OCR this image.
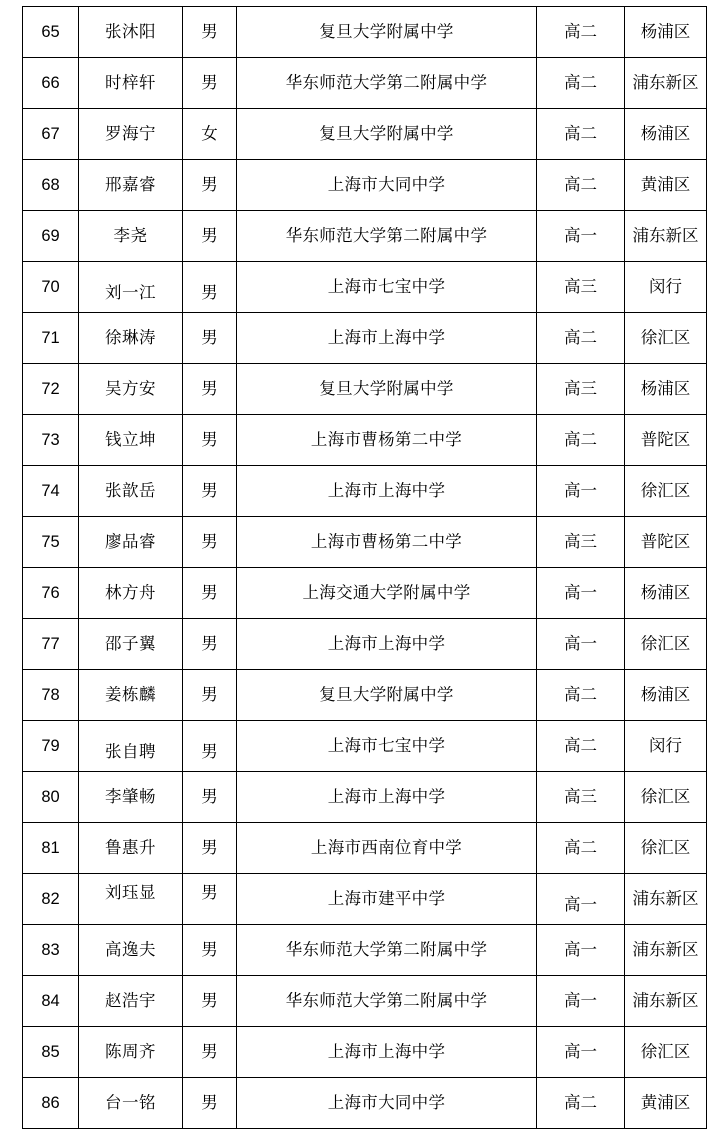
65	张沐阳	男	复旦大学附属中学	高二	杨浦区
66	时梓轩	男	华东师范大学第二附属中学	高二	浦东新区
67	罗海宁	女	复旦大学附属中学	高二	杨浦区
68	邢嘉睿	男	上海市大同中学	高二	黄浦区
69	李尧	男	华东师范大学第二附属中学	高一	浦东新区
70	刘一江	男	上海市七宝中学	高三	闵行
71	徐琳涛	男	上海市上海中学	高二	徐汇区
72	吴方安	男	复旦大学附属中学	高三	杨浦区
73	钱立坤	男	上海市曹杨第二中学	高二	普陀区
74	张歆岳	男	上海市上海中学	高一	徐汇区
75	廖品睿	男	上海市曹杨第二中学	高三	普陀区
76	林方舟	男	上海交通大学附属中学	高一	杨浦区
77	邵子翼	男	上海市上海中学	高一	徐汇区
78	姜栋麟	男	复旦大学附属中学	高二	杨浦区
79	张自聘	男	上海市七宝中学	高二	闵行
80	李肇畅	男	上海市上海中学	高三	徐汇区
81	鲁惠升	男	上海市西南位育中学	高二	徐汇区
82	刘珏显	男	上海市建平中学	高一	浦东新区
83	高逸夫	男	华东师范大学第二附属中学	高一	浦东新区
84	赵浩宇	男	华东师范大学第二附属中学	高一	浦东新区
85	陈周齐	男	上海市上海中学	高一	徐汇区
86	台一铭	男	上海市大同中学	高二	黄浦区
